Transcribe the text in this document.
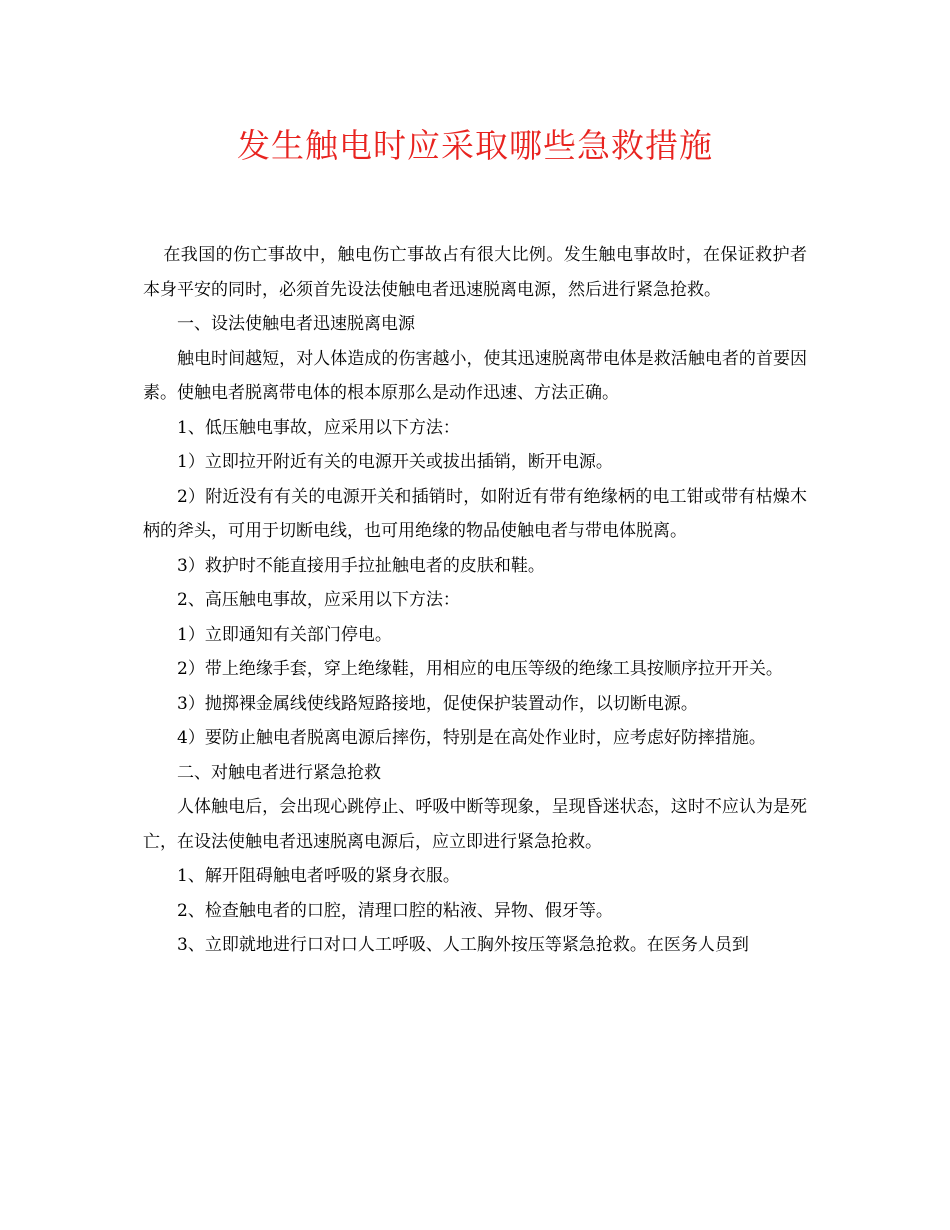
发生触电时应采取哪些急救措施

在我国的伤亡事故中，触电伤亡事故占有很大比例。发生触电事故时，在保证救护者本身平安的同时，必须首先设法使触电者迅速脱离电源，然后进行紧急抢救。

一、设法使触电者迅速脱离电源

触电时间越短，对人体造成的伤害越小，使其迅速脱离带电体是救活触电者的首要因素。使触电者脱离带电体的根本原那么是动作迅速、方法正确。

1、低压触电事故，应采用以下方法：

1）立即拉开附近有关的电源开关或拔出插销，断开电源。

2）附近没有有关的电源开关和插销时，如附近有带有绝缘柄的电工钳或带有枯燥木柄的斧头，可用于切断电线，也可用绝缘的物品使触电者与带电体脱离。

3）救护时不能直接用手拉扯触电者的皮肤和鞋。

2、高压触电事故，应采用以下方法：

1）立即通知有关部门停电。

2）带上绝缘手套，穿上绝缘鞋，用相应的电压等级的绝缘工具按顺序拉开开关。

3）抛掷裸金属线使线路短路接地，促使保护装置动作，以切断电源。

4）要防止触电者脱离电源后摔伤，特别是在高处作业时，应考虑好防摔措施。

二、对触电者进行紧急抢救

人体触电后，会出现心跳停止、呼吸中断等现象，呈现昏迷状态，这时不应认为是死亡，在设法使触电者迅速脱离电源后，应立即进行紧急抢救。

1、解开阻碍触电者呼吸的紧身衣服。

2、检查触电者的口腔，清理口腔的粘液、异物、假牙等。

3、立即就地进行口对口人工呼吸、人工胸外按压等紧急抢救。在医务人员到
